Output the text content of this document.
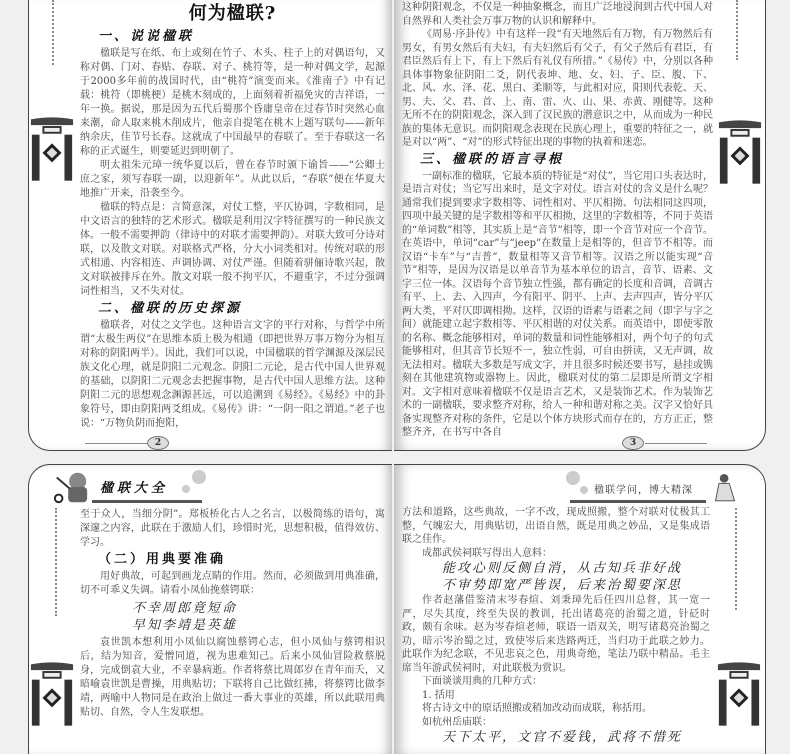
何为楹联?
一、说说楹联

楹联是写在纸、布上或刻在竹子、木头、柱子上的对偶语句，又称对偶、门对、春贴、春联、对子、桃符等，是一种对偶文学，起源于2000多年前的战国时代，由“桃符”演变而来。《淮南子》中有记载：桃符（即桃梗）是桃木刻成的，上面刻着祈福免灾的吉祥语，一年一换。据说，那是因为五代后蜀那个昏庸皇帝在过春节时突然心血来潮，命人取来桃木削成片，他亲自提笔在桃木上题写联句——新年纳余庆，佳节号长春。这就成了中国最早的春联了。至于春联这一名称的正式诞生，则要延迟到明朝了。

明太祖朱元璋一统华夏以后，曾在春节时颁下谕旨——“公卿士庶之家，须写春联一副，以迎新年”。从此以后，“春联”便在华夏大地推广开来，沿袭至今。

楹联的特点是：言简意深，对仗工整，平仄协调，字数相同，是中文语言的独特的艺术形式。楹联是利用汉字特征撰写的一种民族文体。一般不需要押韵（律诗中的对联才需要押韵）。对联大致可分诗对联，以及散文对联。对联格式严格，分大小词类相对。传统对联的形式相通、内容相连、声调协调、对仗严谨。但随着骈俪诗歌兴起，散文对联被排斥在外。散文对联一般不拘平仄，不避重字，不过分强调词性相当，又不失对仗。

二、楹联的历史探源

楹联者，对仗之文学也。这种语言文字的平行对称，与哲学中所谓“太极生两仪”在思维本质上极为相通（即把世界万事万物分为相互对称的阴阳两半）。因此，我们可以说，中国楹联的哲学渊源及深层民族文化心理，就是阴阳二元观念。阴阳二元论，是古代中国人世界观的基础，以阴阳二元观念去把握事物，是古代中国人思维方法。这种阴阳二元的思想观念渊源甚远，可以追溯到《易经》。《易经》中的卦象符号，即由阴阳两爻组成。《易传》讲：“一阴一阳之谓道。”老子也说：“万物负阴而抱阳，

2

这种阴阳观念，不仅是一种抽象概念，而且广泛地浸润到古代中国人对自然界和人类社会万事万物的认识和解释中。

《周易·序卦传》中有这样一段“有天地然后有万物，有万物然后有男女，有男女然后有夫妇，有夫妇然后有父子，有父子然后有君臣，有君臣然后有上下，有上下然后有礼仪有所措。”《易传》中，分别以各种具体事物象征阴阳二爻，阴代表坤、地、女、妇、子、臣、腹、下、北、风、水、泽、花、黑白、柔顺等，与此相对应，阳则代表乾、天、男、夫、父、君、首、上、南、雷、火、山、果、赤黄、刚健等。这种无所不在的阴阳观念，深入到了汉民族的潜意识之中，从而成为一种民族的集体无意识。而阴阳观念表现在民族心理上，重要的特征之一，就是对以“两”、“对”的形式特征出现的事物的执着和迷恋。

三、楹联的语言寻根

一副标准的楹联，它最本质的特征是“对仗”，当它用口头表达时，是语言对仗；当它写出来时，是文字对仗。语言对仗的含义是什么呢？通常我们提到要求字数相等、词性相对、平仄相拗、句法相同这四项，四项中最关键的是字数相等和平仄相拗，这里的字数相等，不同于英语的“单词数”相等，其实质上是“音节”相等，即一个音节对应一个音节。在英语中，单词“car”与“jeep”在数量上是相等的，但音节不相等。而汉语“卡车”与“吉普”，数量相等又音节相等。汉语之所以能实现“音节”相等，是因为汉语是以单音节为基本单位的语言，音节、语素、文字三位一体。汉语每个音节独立性强，都有确定的长度和音调，音调古有平、上、去、入四声，今有阳平、阴平、上声、去声四声，皆分平仄两大类，平对仄即调相拗。这样，汉语的语素与语素之间（即字与字之间）就能建立起字数相等、平仄相谐的对仗关系。而英语中，即使零散的名称、概念能够相对，单词的数量和词性能够相对，两个句子的句式能够相对，但其音节长短不一，独立性弱，可自由拼读，又无声调，故无法相对。楹联大多数是写成文字，并且很多时候还要书写，悬挂或镌刻在其他建筑物或器物上。因此，楹联对仗的第二层即是所谓文字相对。文字相对意味着楹联不仅是语言艺术，又是装饰艺术。作为装饰艺术的一副楹联，要求整齐对称，给人一种和谐对称之美。汉字又恰好具备实现整齐对称的条件，它是以个体方块形式而存在的，方方正正，整整齐齐，在书写中各自

3
楹联大全

至于众人，当细分阴”。郑板桥化古人之名言，以极简练的语句，寓深邃之内容，此联在于激励人们，珍惜时光，思想积极，值得效仿、学习。

（二）用典要准确

用好典故，可起到画龙点睛的作用。然而，必须做到用典准确，切不可乖义失调。请看小凤仙挽蔡锷联：

不幸周郎竟短命
早知李靖是英雄

袁世凯本想利用小凤仙以腐蚀蔡锷心志，但小凤仙与蔡锷相识后，结为知音，爱憎同道，视为患难知己。后来小凤仙冒险救蔡脱身，完成倒袁大业，不幸暴病逝。作者将蔡比周郎岁在青年而夭，又暗喻袁世凯是曹操，用典贴切；下联将自己比做红拂，将蔡锷比做李靖，两喻中人物同是在政治上做过一番大事业的英雄，所以此联用典贴切、自然，令人生发联想。

楹联学问，博大精深

方法和道路，这些典故，一字不改，现成照搬，整个对联对仗极其工整，气魄宏大，用典贴切，出语自然，既是用典之妙品，又是集成语联之佳作。

成都武侯祠联写得出人意料：

能攻心则反侧自消，从古知兵非好战
不审势即宽严皆误，后来治蜀要深思

作者赵藩借鉴清末岑春煊、刘秉璋先后任四川总督，其一宽一严，尽失其度，终至失误的教训，托出诸葛亮的治蜀之道，针砭时政，颇有余味。赵为岑春煊老师，联语一语双关，明写诸葛亮治蜀之功，暗示岑治蜀之过，致使岑后来迭路两迁，当归功于此联之妙力。此联作为纪念联，不见悲哀之色，用典奇绝，笔法乃联中精品。毛主席当年游武侯祠时，对此联极为赏识。

下面谈谈用典的几种方式：

1. 括用

将古诗文中的原话照搬或稍加改动而成联，称括用。

如杭州岳庙联：

天下太平，文官不爱钱，武将不惜死
